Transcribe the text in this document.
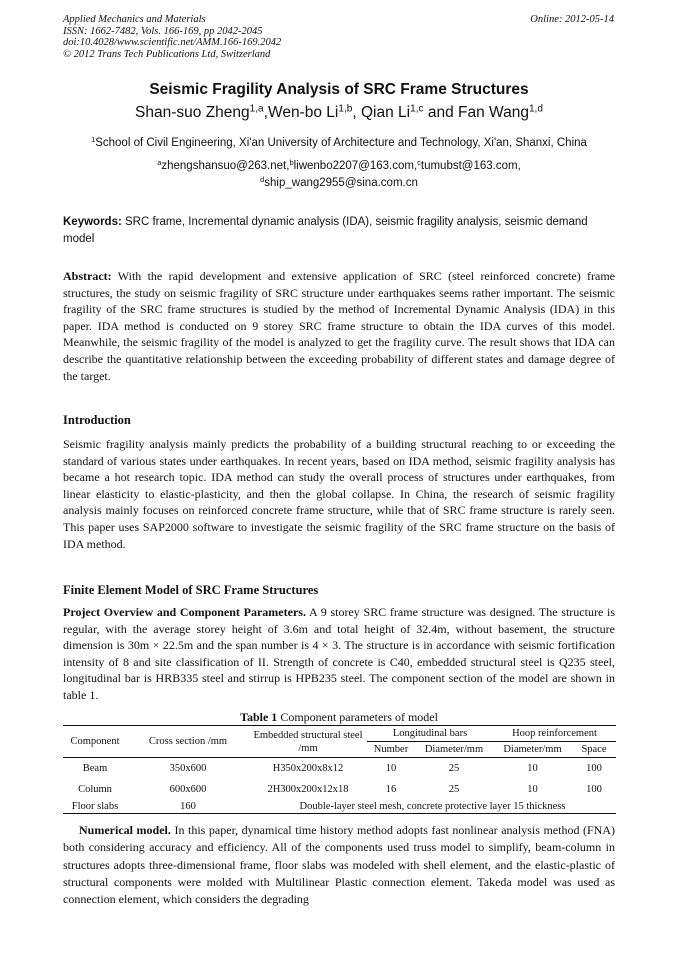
Applied Mechanics and Materials
ISSN: 1662-7482, Vols. 166-169, pp 2042-2045
doi:10.4028/www.scientific.net/AMM.166-169.2042
© 2012 Trans Tech Publications Ltd, Switzerland
Online: 2012-05-14
Seismic Fragility Analysis of SRC Frame Structures
Shan-suo Zheng$^{1,a}$,Wen-bo Li$^{1,b}$, Qian Li$^{1,c}$ and Fan Wang$^{1,d}$
$^1$School of Civil Engineering, Xi'an University of Architecture and Technology, Xi'an, Shanxi, China
$^a$zhengshansuo@263.net,$^b$liwenbo2207@163.com,$^c$tumubst@163.com,
$^d$ship_wang2955@sina.com.cn
Keywords: SRC frame, Incremental dynamic analysis (IDA), seismic fragility analysis, seismic demand model
Abstract: With the rapid development and extensive application of SRC (steel reinforced concrete) frame structures, the study on seismic fragility of SRC structure under earthquakes seems rather important. The seismic fragility of the SRC frame structures is studied by the method of Incremental Dynamic Analysis (IDA) in this paper. IDA method is conducted on 9 storey SRC frame structure to obtain the IDA curves of this model. Meanwhile, the seismic fragility of the model is analyzed to get the fragility curve. The result shows that IDA can describe the quantitative relationship between the exceeding probability of different states and damage degree of the target.
Introduction
Seismic fragility analysis mainly predicts the probability of a building structural reaching to or exceeding the standard of various states under earthquakes. In recent years, based on IDA method, seismic fragility analysis has became a hot research topic. IDA method can study the overall process of structures under earthquakes, from linear elasticity to elastic-plasticity, and then the global collapse. In China, the research of seismic fragility analysis mainly focuses on reinforced concrete frame structure, while that of SRC frame structure is rarely seen. This paper uses SAP2000 software to investigate the seismic fragility of the SRC frame structure on the basis of IDA method.
Finite Element Model of SRC Frame Structures
Project Overview and Component Parameters. A 9 storey SRC frame structure was designed. The structure is regular, with the average storey height of 3.6m and total height of 32.4m, without basement, the structure dimension is 30m × 22.5m and the span number is 4 × 3. The structure is in accordance with seismic fortification intensity of 8 and site classification of II. Strength of concrete is C40, embedded structural steel is Q235 steel, longitudinal bar is HRB335 steel and stirrup is HPB235 steel. The component section of the model are shown in table 1.
Table 1 Component parameters of model
Component	Cross section /mm	Embedded structural steel /mm	Longitudinal bars		Hoop reinforcement	
			Number	Diameter/mm	Diameter/mm	Space
Beam	350x600	H350x200x8x12	10	25	10	100
Column	600x600	2H300x200x12x18	16	25	10	100
Floor slabs	160	Double-layer steel mesh, concrete protective layer 15 thickness				
Numerical model. In this paper, dynamical time history method adopts fast nonlinear analysis method (FNA) both considering accuracy and efficiency. All of the components used truss model to simplify, beam-column in structures adopts three-dimensional frame, floor slabs was modeled with shell element, and the elastic-plastic of structural components were molded with Multilinear Plastic connection element. Takeda model was used as connection element, which considers the degrading
